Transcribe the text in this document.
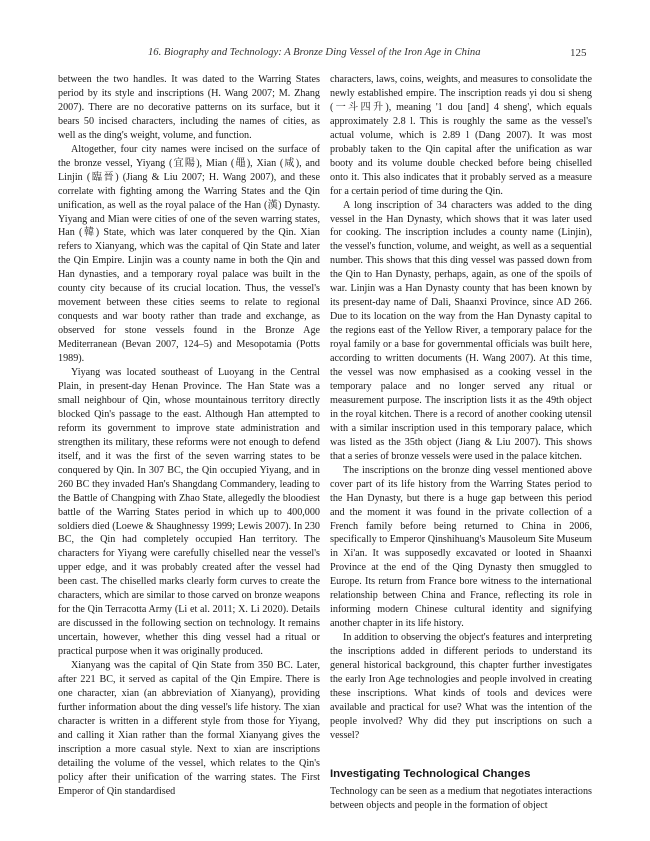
16. Biography and Technology: A Bronze Ding Vessel of the Iron Age in China	125

between the two handles. It was dated to the Warring States period by its style and inscriptions (H. Wang 2007; M. Zhang 2007). There are no decorative patterns on its surface, but it bears 50 incised characters, including the names of cities, as well as the ding's weight, volume, and function.

Altogether, four city names were incised on the surface of the bronze vessel, Yiyang (宜陽), Mian (黽), Xian (咸), and Linjin (臨晉) (Jiang & Liu 2007; H. Wang 2007), and these correlate with fighting among the Warring States and the Qin unification, as well as the royal palace of the Han (漢) Dynasty. Yiyang and Mian were cities of one of the seven warring states, Han (韓) State, which was later conquered by the Qin. Xian refers to Xianyang, which was the capital of Qin State and later the Qin Empire. Linjin was a county name in both the Qin and Han dynasties, and a temporary royal palace was built in the county city because of its crucial location. Thus, the vessel's movement between these cities seems to relate to regional conquests and war booty rather than trade and exchange, as observed for stone vessels found in the Bronze Age Mediterranean (Bevan 2007, 124–5) and Mesopotamia (Potts 1989).

Yiyang was located southeast of Luoyang in the Central Plain, in present-day Henan Province. The Han State was a small neighbour of Qin, whose mountainous territory directly blocked Qin's passage to the east. Although Han attempted to reform its government to improve state administration and strengthen its military, these reforms were not enough to defend itself, and it was the first of the seven warring states to be conquered by Qin. In 307 BC, the Qin occupied Yiyang, and in 260 BC they invaded Han's Shangdang Commandery, leading to the Battle of Changping with Zhao State, allegedly the bloodiest battle of the Warring States period in which up to 400,000 soldiers died (Loewe & Shaughnessy 1999; Lewis 2007). In 230 BC, the Qin had completely occupied Han territory. The characters for Yiyang were carefully chiselled near the vessel's upper edge, and it was probably created after the vessel had been cast. The chiselled marks clearly form curves to create the characters, which are similar to those carved on bronze weapons for the Qin Terracotta Army (Li et al. 2011; X. Li 2020). Details are discussed in the following section on technology. It remains uncertain, however, whether this ding vessel had a ritual or practical purpose when it was originally produced.

Xianyang was the capital of Qin State from 350 BC. Later, after 221 BC, it served as capital of the Qin Empire. There is one character, xian (an abbreviation of Xianyang), providing further information about the ding vessel's life history. The xian character is written in a different style from those for Yiyang, and calling it Xian rather than the formal Xianyang gives the inscription a more casual style. Next to xian are inscriptions detailing the volume of the vessel, which relates to the Qin's policy after their unification of the warring states. The First Emperor of Qin standardised

characters, laws, coins, weights, and measures to consolidate the newly established empire. The inscription reads yi dou si sheng (一斗四升), meaning '1 dou [and] 4 sheng', which equals approximately 2.8 l. This is roughly the same as the vessel's actual volume, which is 2.89 l (Dang 2007). It was most probably taken to the Qin capital after the unification as war booty and its volume double checked before being chiselled onto it. This also indicates that it probably served as a measure for a certain period of time during the Qin.

A long inscription of 34 characters was added to the ding vessel in the Han Dynasty, which shows that it was later used for cooking. The inscription includes a county name (Linjin), the vessel's function, volume, and weight, as well as a sequential number. This shows that this ding vessel was passed down from the Qin to Han Dynasty, perhaps, again, as one of the spoils of war. Linjin was a Han Dynasty county that has been known by its present-day name of Dali, Shaanxi Province, since AD 266. Due to its location on the way from the Han Dynasty capital to the regions east of the Yellow River, a temporary palace for the royal family or a base for governmental officials was built here, according to written documents (H. Wang 2007). At this time, the vessel was now emphasised as a cooking vessel in the temporary palace and no longer served any ritual or measurement purpose. The inscription lists it as the 49th object in the royal kitchen. There is a record of another cooking utensil with a similar inscription used in this temporary palace, which was listed as the 35th object (Jiang & Liu 2007). This shows that a series of bronze vessels were used in the palace kitchen.

The inscriptions on the bronze ding vessel mentioned above cover part of its life history from the Warring States period to the Han Dynasty, but there is a huge gap between this period and the moment it was found in the private collection of a French family before being returned to China in 2006, specifically to Emperor Qinshihuang's Mausoleum Site Museum in Xi'an. It was supposedly excavated or looted in Shaanxi Province at the end of the Qing Dynasty then smuggled to Europe. Its return from France bore witness to the international relationship between China and France, reflecting its role in informing modern Chinese cultural identity and signifying another chapter in its life history.

In addition to observing the object's features and interpreting the inscriptions added in different periods to understand its general historical background, this chapter further investigates the early Iron Age technologies and people involved in creating these inscriptions. What kinds of tools and devices were available and practical for use? What was the intention of the people involved? Why did they put inscriptions on such a vessel?

Investigating Technological Changes

Technology can be seen as a medium that negotiates interactions between objects and people in the formation of object
